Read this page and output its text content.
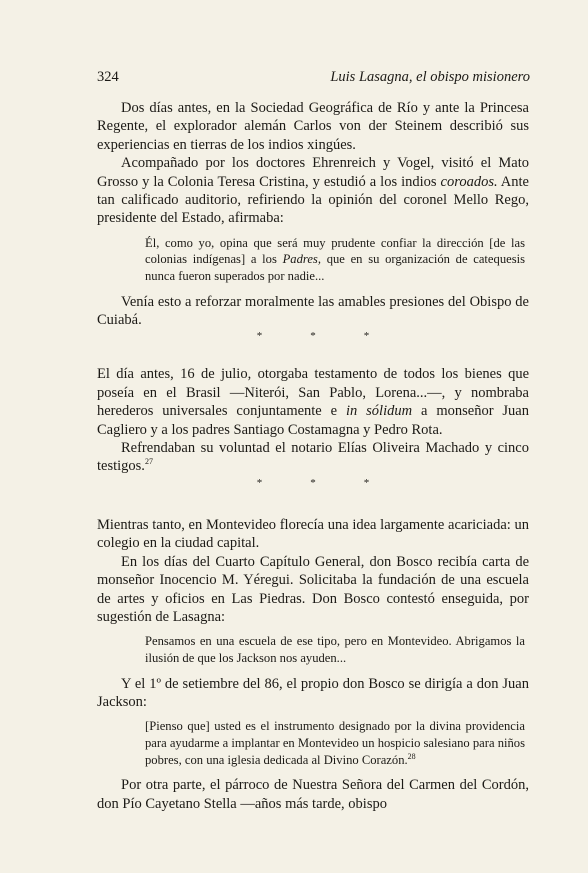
324	Luis Lasagna, el obispo misionero

Dos días antes, en la Sociedad Geográfica de Río y ante la Princesa Regente, el explorador alemán Carlos von der Steinem describió sus experiencias en tierras de los indios xingúes.

Acompañado por los doctores Ehrenreich y Vogel, visitó el Mato Grosso y la Colonia Teresa Cristina, y estudió a los indios coroados. Ante tan calificado auditorio, refiriendo la opinión del coronel Mello Rego, presidente del Estado, afirmaba:

Él, como yo, opina que será muy prudente confiar la dirección [de las colonias indígenas] a los Padres, que en su organización de catequesis nunca fueron superados por nadie...

Venía esto a reforzar moralmente las amables presiones del Obispo de Cuiabá.

*	*	*

El día antes, 16 de julio, otorgaba testamento de todos los bienes que poseía en el Brasil —Niterói, San Pablo, Lorena...—, y nombraba herederos universales conjuntamente e in sólidum a monseñor Juan Cagliero y a los padres Santiago Costamagna y Pedro Rota.

Refrendaban su voluntad el notario Elías Oliveira Machado y cinco testigos.$^{27}$

*	*	*

Mientras tanto, en Montevideo florecía una idea largamente acariciada: un colegio en la ciudad capital.

En los días del Cuarto Capítulo General, don Bosco recibía carta de monseñor Inocencio M. Yéregui. Solicitaba la fundación de una escuela de artes y oficios en Las Piedras. Don Bosco contestó enseguida, por sugestión de Lasagna:

Pensamos en una escuela de ese tipo, pero en Montevideo. Abrigamos la ilusión de que los Jackson nos ayuden...

Y el 1º de setiembre del 86, el propio don Bosco se dirigía a don Juan Jackson:

[Pienso que] usted es el instrumento designado por la divina providencia para ayudarme a implantar en Montevideo un hospicio salesiano para niños pobres, con una iglesia dedicada al Divino Corazón.$^{28}$

Por otra parte, el párroco de Nuestra Señora del Carmen del Cordón, don Pío Cayetano Stella —años más tarde, obispo
